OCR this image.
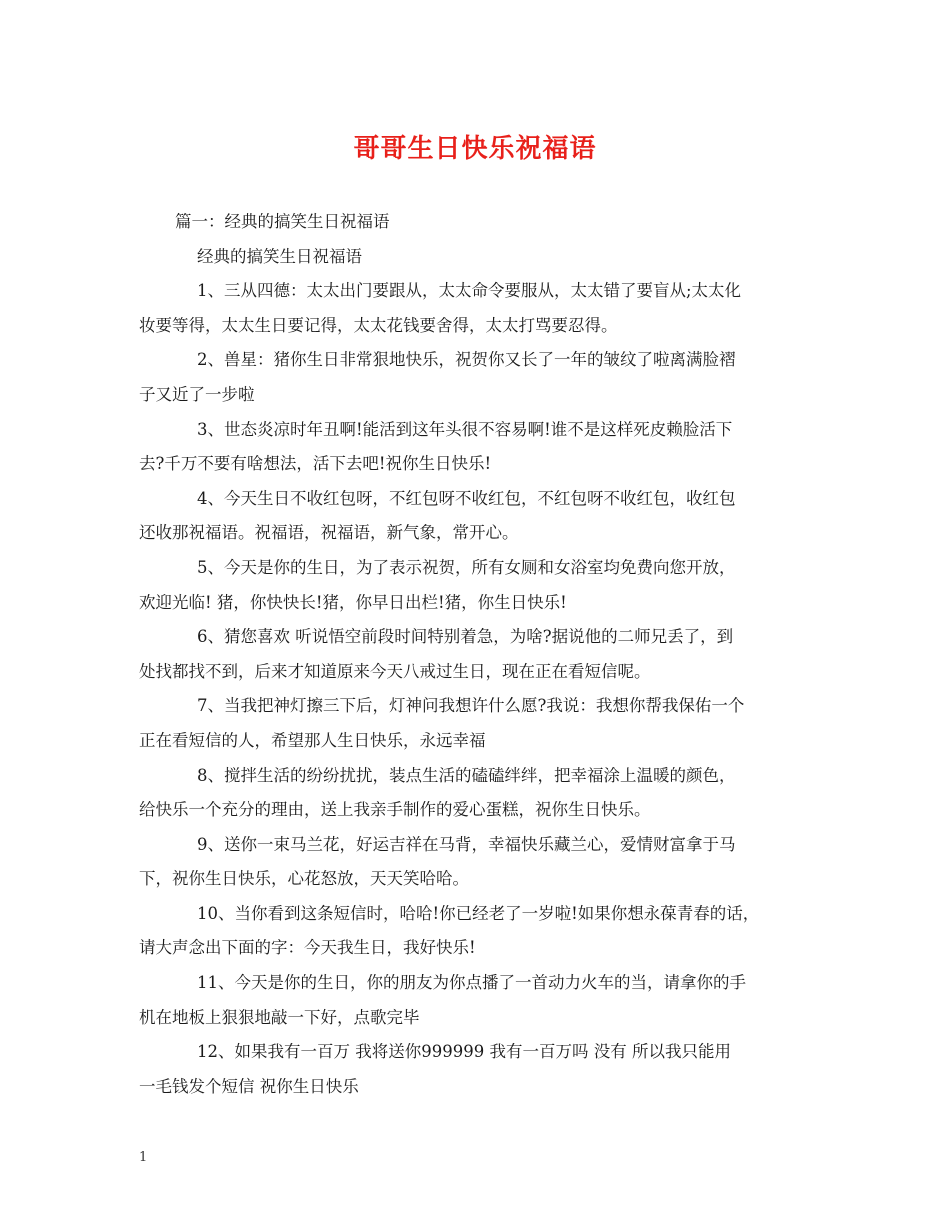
哥哥生日快乐祝福语
篇一：经典的搞笑生日祝福语
经典的搞笑生日祝福语
1、三从四德：太太出门要跟从，太太命令要服从，太太错了要盲从;太太化
妆要等得，太太生日要记得，太太花钱要舍得，太太打骂要忍得。
2、兽星：猪你生日非常狠地快乐，祝贺你又长了一年的皱纹了啦离满脸褶
子又近了一步啦
3、世态炎凉时年丑啊!能活到这年头很不容易啊!谁不是这样死皮赖脸活下
去?千万不要有啥想法，活下去吧!祝你生日快乐!
4、今天生日不收红包呀，不红包呀不收红包，不红包呀不收红包，收红包
还收那祝福语。祝福语，祝福语，新气象，常开心。
5、今天是你的生日，为了表示祝贺，所有女厕和女浴室均免费向您开放，
欢迎光临! 猪，你快快长!猪，你早日出栏!猪，你生日快乐!
6、猜您喜欢 听说悟空前段时间特别着急，为啥?据说他的二师兄丢了，到
处找都找不到，后来才知道原来今天八戒过生日，现在正在看短信呢。
7、当我把神灯擦三下后，灯神问我想许什么愿?我说：我想你帮我保佑一个
正在看短信的人，希望那人生日快乐，永远幸福
8、搅拌生活的纷纷扰扰，装点生活的磕磕绊绊，把幸福涂上温暖的颜色，
给快乐一个充分的理由，送上我亲手制作的爱心蛋糕，祝你生日快乐。
9、送你一束马兰花，好运吉祥在马背，幸福快乐藏兰心，爱情财富拿于马
下，祝你生日快乐，心花怒放，天天笑哈哈。
10、当你看到这条短信时，哈哈!你已经老了一岁啦!如果你想永葆青春的话，
请大声念出下面的字：今天我生日，我好快乐!
11、今天是你的生日，你的朋友为你点播了一首动力火车的当，请拿你的手
机在地板上狠狠地敲一下好，点歌完毕
12、如果我有一百万 我将送你999999 我有一百万吗 没有 所以我只能用
一毛钱发个短信 祝你生日快乐
1
